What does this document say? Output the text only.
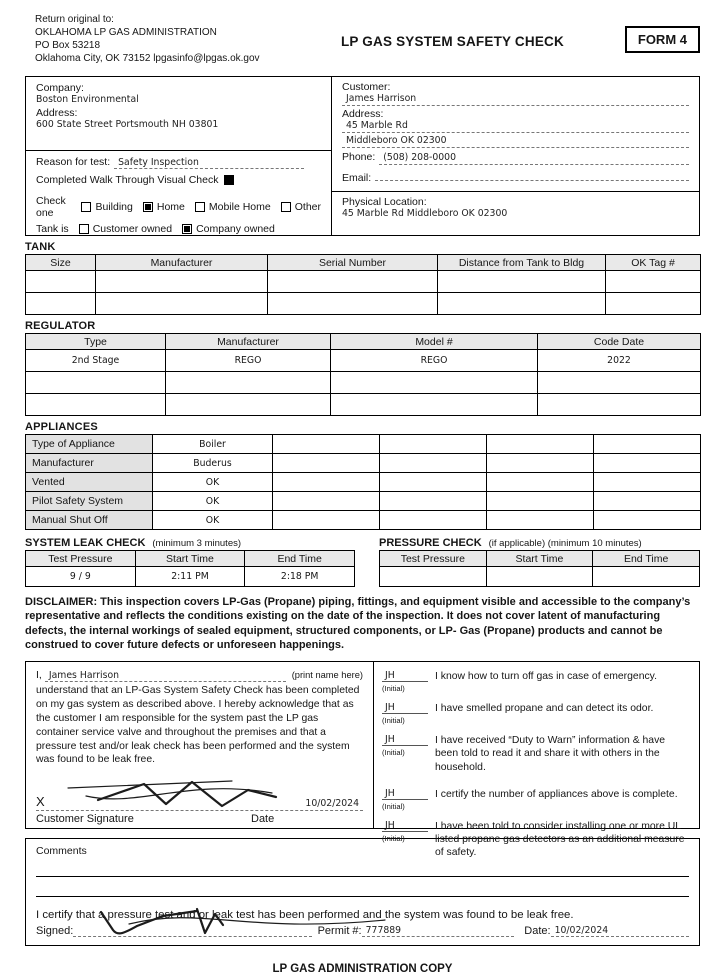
Return original to:
OKLAHOMA LP GAS ADMINISTRATION
PO Box 53218
Oklahoma City, OK 73152 lpgasinfo@lpgas.ok.gov
LP GAS SYSTEM SAFETY CHECK	FORM 4
Company:
Boston Environmental
Address:
600 State Street Portsmouth NH 03801
Reason for test: Safety Inspection
Completed Walk Through Visual Check
Check one	Building Home Mobile Home Other
Tank is Customer owned Company owned
Customer:
James Harrison
Address:
45 Marble Rd
Middleboro OK 02300
Phone: (508) 208-0000
Email:
Physical Location:
45 Marble Rd Middleboro OK 02300
TANK
Size	Manufacturer	Serial Number	Distance from Tank to Bldg	OK Tag #

REGULATOR
Type	Manufacturer	Model #	Code Date
2nd Stage	REGO	REGO	2022

APPLIANCES
Type of Appliance	Boiler				
Manufacturer	Buderus				
Vented	OK				
Pilot Safety System	OK				
Manual Shut Off	OK				
SYSTEM LEAK CHECK (minimum 3 minutes)
Test Pressure	Start Time	End Time
9 / 9	2:11 PM	2:18 PM
PRESSURE CHECK (if applicable) (minimum 10 minutes)
Test Pressure	Start Time	End Time

DISCLAIMER: This inspection covers LP-Gas (Propane) piping, fittings, and equipment visible and accessible to the company’s representative and reflects the conditions existing on the date of the inspection. It does not cover latent of manufacturing defects, the internal workings of sealed equipment, structured components, or LP- Gas (Propane) products and cannot be construed to cover future defects or unforeseen happenings.
I, James Harrison	(print name here)
understand that an LP-Gas System Safety Check has been completed on my gas system as described above. I hereby acknowledge that as the customer I am responsible for the system past the LP gas container service valve and throughout the premises and that a pressure test and/or leak check has been performed and the system was found to be leak free.
X	10/02/2024
Customer Signature	Date
JH
(Initial)
I know how to turn off gas in case of emergency.
JH
(Initial)
I have smelled propane and can detect its odor.
JH
(Initial)
I have received “Duty to Warn” information & have been told to read it and share it with others in the household.
JH
(Initial)
I certify the number of appliances above is complete.
JH
(Initial)
I have been told to consider installing one or more UL listed propane gas detectors as an additional measure of safety.
Comments
I certify that a pressure test and or leak test has been performed and the system was found to be leak free.
Signed:	Permit #: 777889	Date: 10/02/2024
LP GAS ADMINISTRATION COPY
